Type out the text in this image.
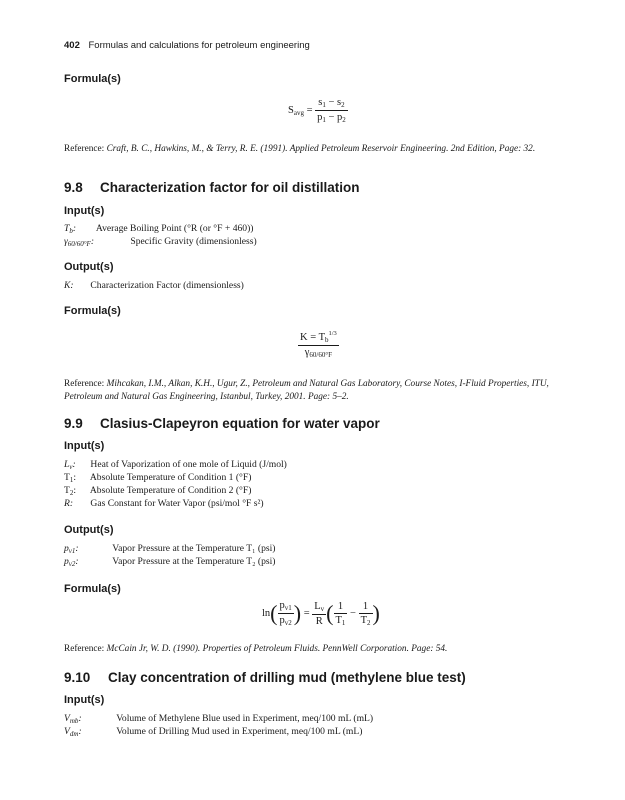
402 Formulas and calculations for petroleum engineering
Formula(s)
Savg = $\frac{s1 - s2}{p1 - p2}$
Reference: Craft, B. C., Hawkins, M., & Terry, R. E. (1991). Applied Petroleum Reservoir Engineering. 2nd Edition, Page: 32.
9.8 Characterization factor for oil distillation
Input(s)
$T_b$: Average Boiling Point (°R (or °F + 460))
$\gamma_{60/60^\circ F}$:	Specific Gravity (dimensionless)
Output(s)
K: Characterization Factor (dimensionless)
Formula(s)
$\frac{K = Tb^{1/3}}{\gamma 60/60^\circ F}$
Reference: Mihcakan, I.M., Alkan, K.H., Ugur, Z., Petroleum and Natural Gas Laboratory, Course Notes, I-Fluid Properties, ITU, Petroleum and Natural Gas Engineering, Istanbul, Turkey, 2001. Page: 5–2.
9.9 Clasius-Clapeyron equation for water vapor
Input(s)
$L_v$: Heat of Vaporization of one mole of Liquid (J/mol)
$T_1$: Absolute Temperature of Condition 1 (°F)
$T_2$: Absolute Temperature of Condition 2 (°F)
R: Gas Constant for Water Vapor (psi/mol °F s²)
Output(s)
$p_{v1}$:	Vapor Pressure at the Temperature T₁ (psi)
$p_{v2}$:	Vapor Pressure at the Temperature T₂ (psi)
Formula(s)
$\ln( \frac{pv1}{pv2}$ ) = $\frac{Lv}{R}$ ( $\frac{1}{T1} - \frac{1}{T2}$ )
Reference: McCain Jr, W. D. (1990). Properties of Petroleum Fluids. PennWell Corporation. Page: 54.
9.10 Clay concentration of drilling mud (methylene blue test)
Input(s)
$V_{mb}$:	Volume of Methylene Blue used in Experiment, meq/100 mL (mL)
$V_{dm}$:	Volume of Drilling Mud used in Experiment, meq/100 mL (mL)
